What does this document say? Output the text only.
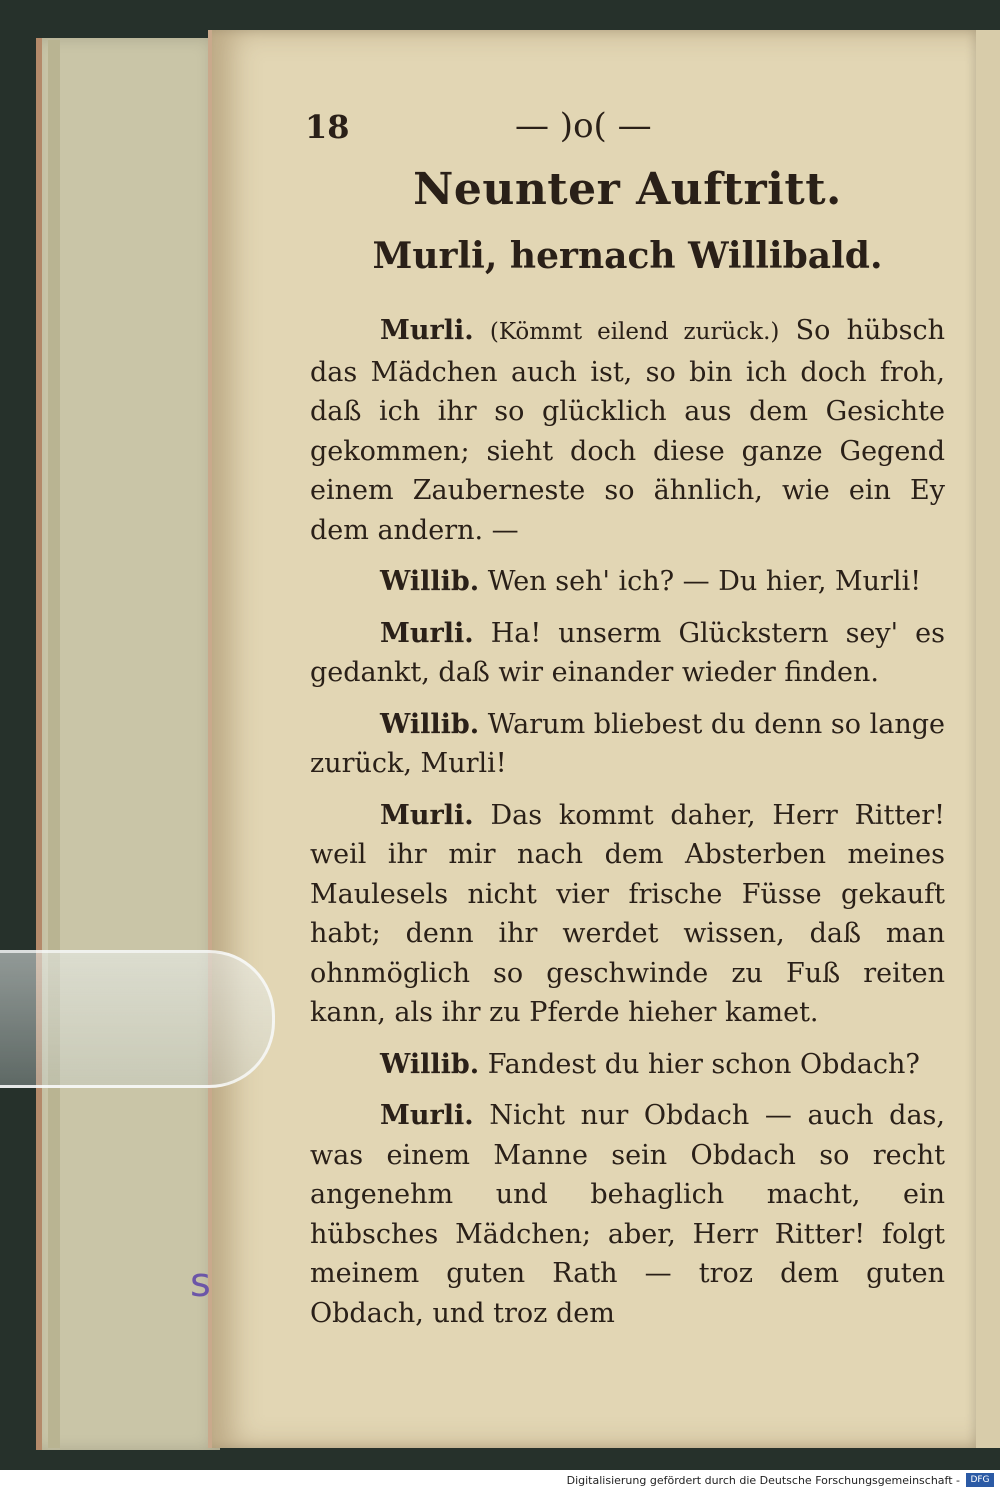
s
18	— )o( —
Neunter Auftritt.
Murli, hernach Willibald.
Murli. (Kömmt eilend zurück.) So hübsch das Mädchen auch ist, so bin ich doch froh, daß ich ihr so glücklich aus dem Gesichte gekommen; sieht doch diese ganze Gegend einem Zauberneste so ähnlich, wie ein Ey dem andern. —
Willib. Wen seh' ich? — Du hier, Murli!
Murli. Ha! unserm Glückstern sey' es gedankt, daß wir einander wieder finden.
Willib. Warum bliebest du denn so lange zurück, Murli!
Murli. Das kommt daher, Herr Ritter! weil ihr mir nach dem Absterben meines Maulesels nicht vier frische Füsse gekauft habt; denn ihr werdet wissen, daß man ohnmöglich so geschwinde zu Fuß reiten kann, als ihr zu Pferde hieher kamet.
Willib. Fandest du hier schon Obdach?
Murli. Nicht nur Obdach — auch das, was einem Manne sein Obdach so recht angenehm und behaglich macht, ein hübsches Mädchen; aber, Herr Ritter! folgt meinem guten Rath — troz dem guten Obdach, und troz dem
Digitalisierung gefördert durch die Deutsche Forschungsgemeinschaft -	DFG
